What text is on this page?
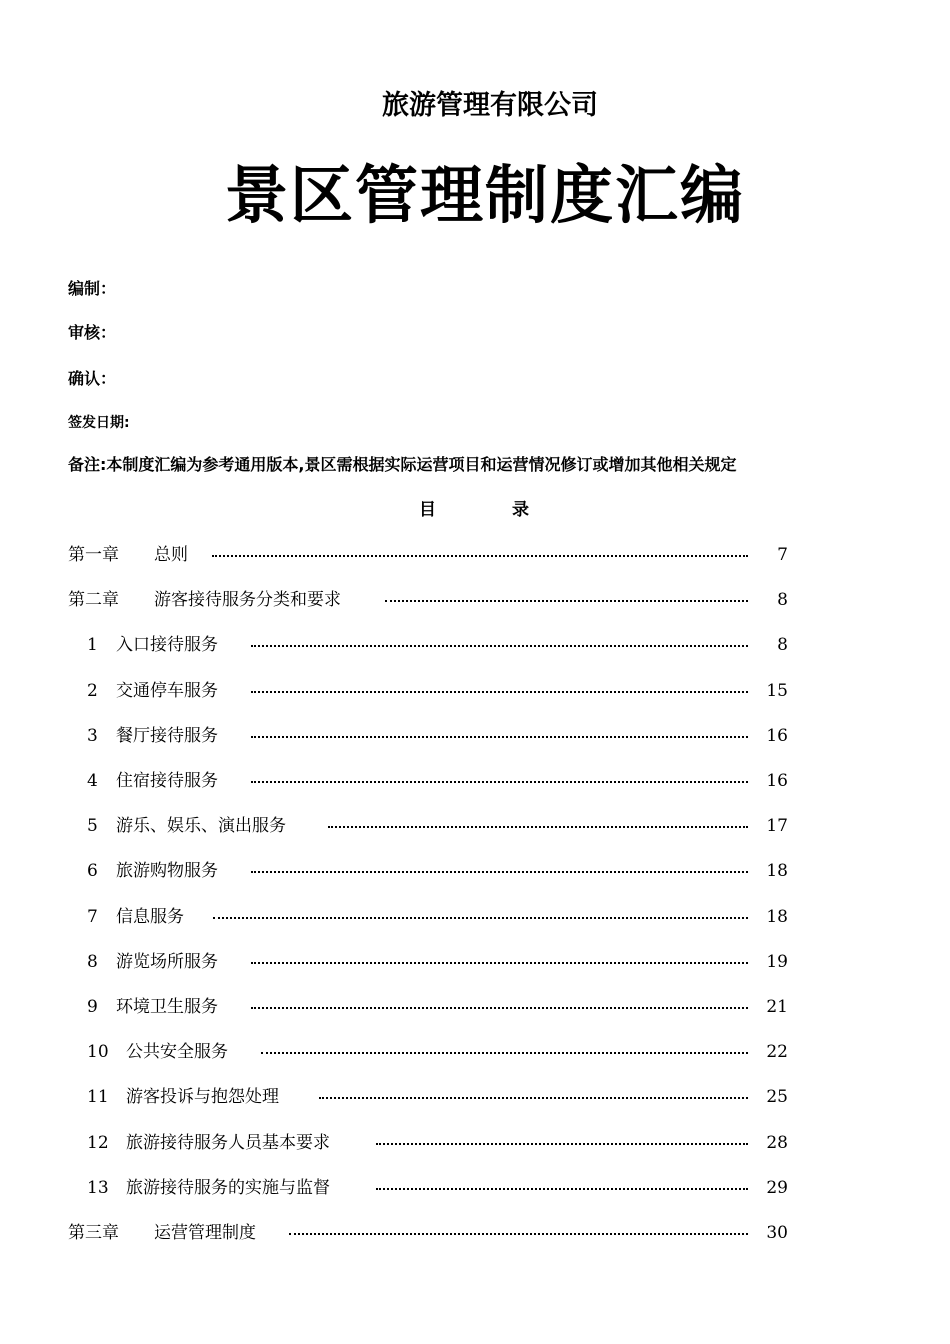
旅游管理有限公司
景区管理制度汇编
编制：
审核：
确认：
签发日期:
备注:本制度汇编为参考通用版本,景区需根据实际运营项目和运营情况修订或增加其他相关规定
目	录
第一章 总则	7
第二章 游客接待服务分类和要求	8
1 入口接待服务	8
2 交通停车服务	15
3 餐厅接待服务	16
4 住宿接待服务	16
5 游乐、娱乐、演出服务	17
6 旅游购物服务	18
7 信息服务	18
8 游览场所服务	19
9 环境卫生服务	21
10 公共安全服务	22
11 游客投诉与抱怨处理	25
12 旅游接待服务人员基本要求	28
13 旅游接待服务的实施与监督	29
第三章 运营管理制度	30
